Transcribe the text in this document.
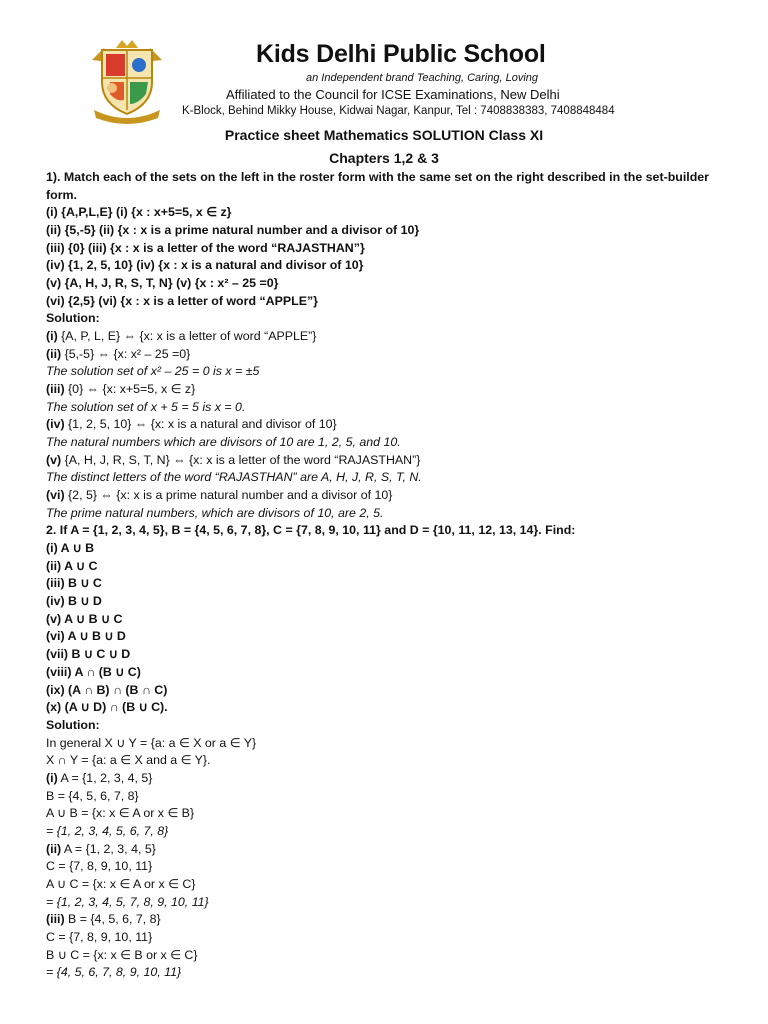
Kids Delhi Public School
an Independent brand Teaching, Caring, Loving
Affiliated to the Council for ICSE Examinations, New Delhi
K-Block, Behind Mikky House, Kidwai Nagar, Kanpur, Tel : 7408838383, 7408848484
Practice sheet Mathematics SOLUTION Class XI
Chapters 1,2 & 3
1). Match each of the sets on the left in the roster form with the same set on the right described in the set-builder form.
(i) {A,P,L,E} (i) {x : x+5=5, x ∈ z}
(ii) {5,-5} (ii) {x : x is a prime natural number and a divisor of 10}
(iii) {0} (iii) {x : x is a letter of the word “RAJASTHAN”}
(iv) {1, 2, 5, 10} (iv) {x : x is a natural and divisor of 10}
(v) {A, H, J, R, S, T, N} (v) {x : x² – 25 =0}
(vi) {2,5} (vi) {x : x is a letter of word “APPLE”}
Solution:
(i) {A, P, L, E} ⇔ {x: x is a letter of word “APPLE”}
(ii) {5,-5} ⇔ {x: x² – 25 =0}
The solution set of x² – 25 = 0 is x = ±5
(iii) {0} ⇔ {x: x+5=5, x ∈ z}
The solution set of x + 5 = 5 is x = 0.
(iv) {1, 2, 5, 10} ⇔ {x: x is a natural and divisor of 10}
The natural numbers which are divisors of 10 are 1, 2, 5, and 10.
(v) {A, H, J, R, S, T, N} ⇔ {x: x is a letter of the word “RAJASTHAN”}
The distinct letters of the word “RAJASTHAN” are A, H, J, R, S, T, N.
(vi) {2, 5} ⇔ {x: x is a prime natural number and a divisor of 10}
The prime natural numbers, which are divisors of 10, are 2, 5.
2. If A = {1, 2, 3, 4, 5}, B = {4, 5, 6, 7, 8}, C = {7, 8, 9, 10, 11} and D = {10, 11, 12, 13, 14}. Find:
(i) A ∪ B
(ii) A ∪ C
(iii) B ∪ C
(iv) B ∪ D
(v) A ∪ B ∪ C
(vi) A ∪ B ∪ D
(vii) B ∪ C ∪ D
(viii) A ∩ (B ∪ C)
(ix) (A ∩ B) ∩ (B ∩ C)
(x) (A ∪ D) ∩ (B ∪ C).
Solution:
In general X ∪ Y = {a: a ∈ X or a ∈ Y}
X ∩ Y = {a: a ∈ X and a ∈ Y}.
(i) A = {1, 2, 3, 4, 5}
B = {4, 5, 6, 7, 8}
A ∪ B = {x: x ∈ A or x ∈ B}
= {1, 2, 3, 4, 5, 6, 7, 8}
(ii) A = {1, 2, 3, 4, 5}
C = {7, 8, 9, 10, 11}
A ∪ C = {x: x ∈ A or x ∈ C}
= {1, 2, 3, 4, 5, 7, 8, 9, 10, 11}
(iii) B = {4, 5, 6, 7, 8}
C = {7, 8, 9, 10, 11}
B ∪ C = {x: x ∈ B or x ∈ C}
= {4, 5, 6, 7, 8, 9, 10, 11}
